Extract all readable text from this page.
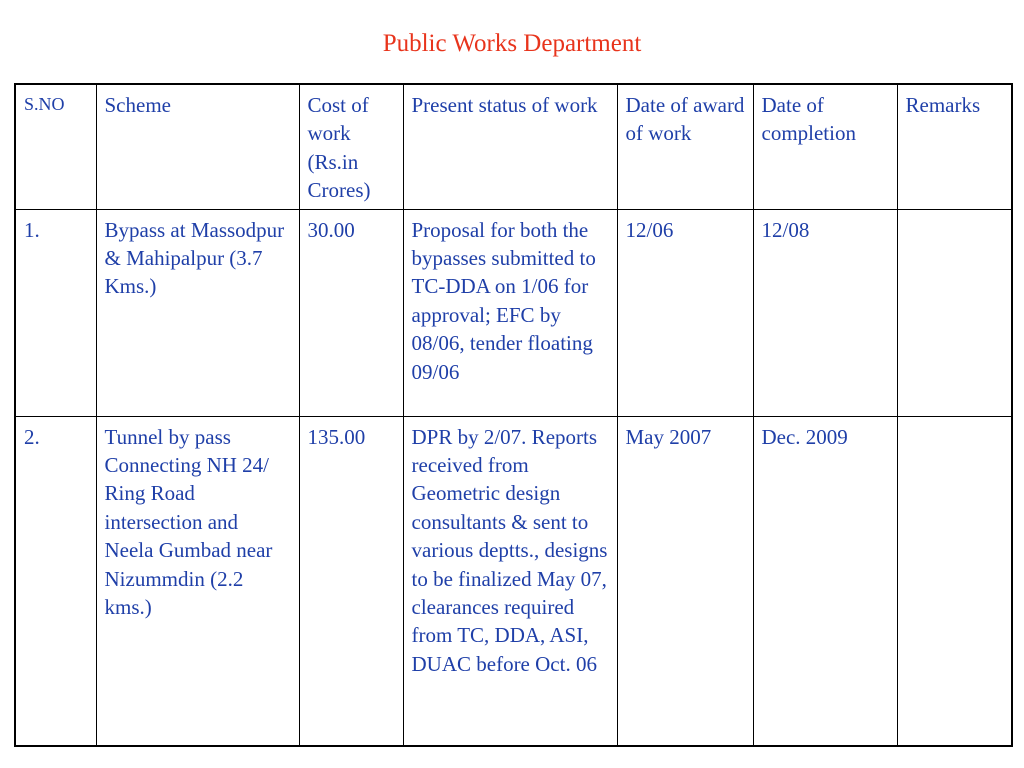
Public Works Department
S.NO	Scheme	Cost of work (Rs.in Crores)	Present status of work	Date of award of work	Date of completion	Remarks
1.	Bypass at Massodpur & Mahipalpur (3.7 Kms.)	30.00	Proposal for both the bypasses submitted to TC-DDA on 1/06 for approval; EFC by 08/06, tender floating 09/06	12/06	12/08	
2.	Tunnel by pass Connecting NH 24/ Ring Road intersection and Neela Gumbad near Nizummdin (2.2 kms.)	135.00	DPR by 2/07. Reports received from Geometric design consultants & sent to various deptts., designs to be finalized May 07, clearances required from TC, DDA, ASI, DUAC before Oct. 06	May 2007	Dec. 2009	
